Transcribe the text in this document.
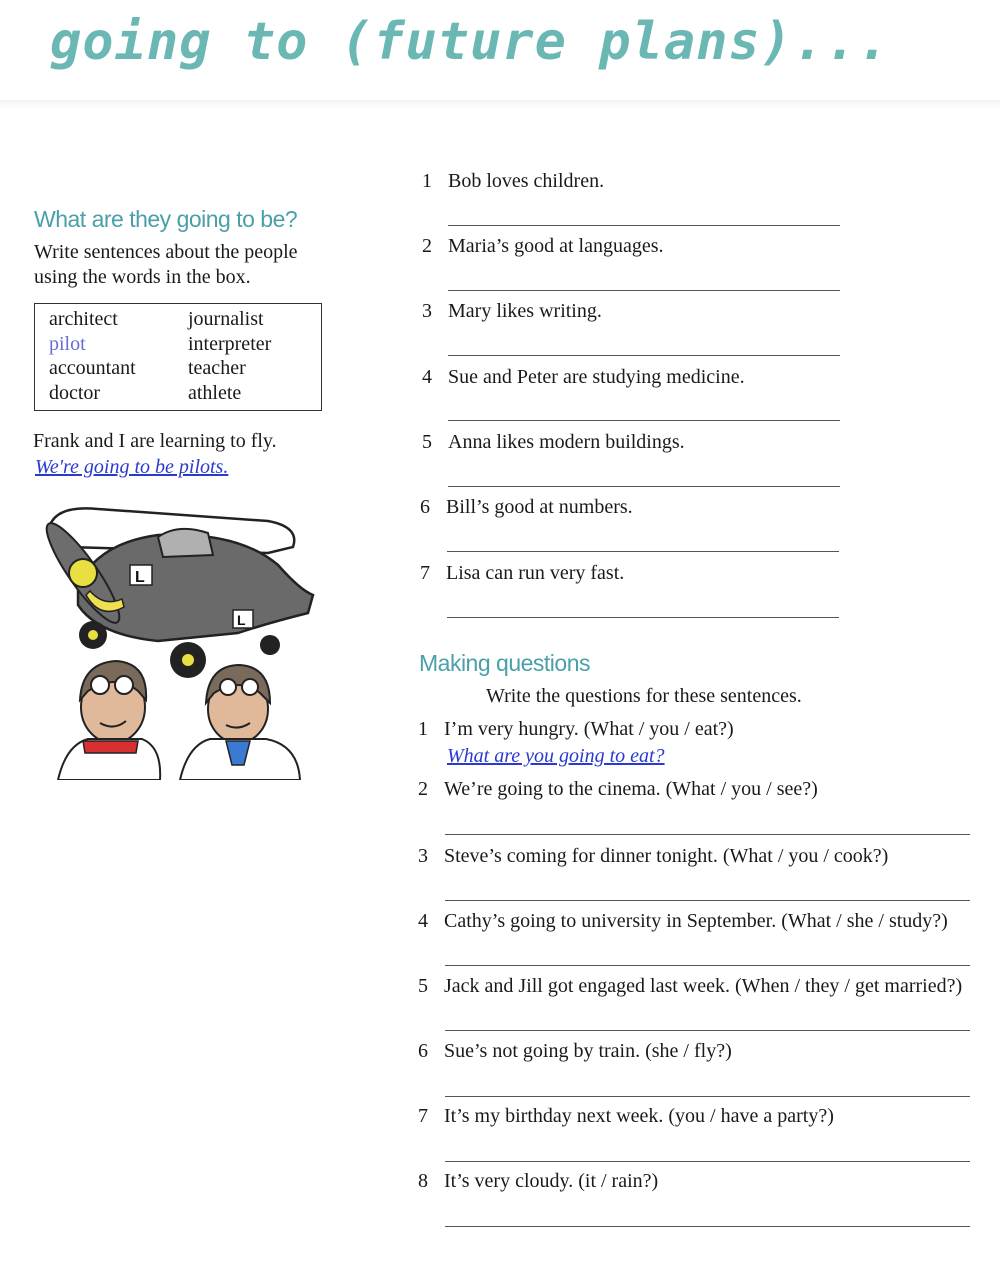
going to (future plans)...
What are they going to be?

Write sentences about the people
using the words in the box.

architect
pilot
accountant
doctor
journalist
interpreter
teacher
athlete

Frank and I are learning to fly.

We're going to be pilots.

L
L
1 Bob loves children.
2 Maria’s good at languages.
3 Mary likes writing.
4 Sue and Peter are studying medicine.
5 Anna likes modern buildings.
6 Bill’s good at numbers.
7 Lisa can run very fast.
Making questions

Write the questions for these sentences.

1 I’m very hungry. (What / you / eat?)

What are you going to eat?

2 We’re going to the cinema. (What / you / see?)
3 Steve’s coming for dinner tonight. (What / you / cook?)
4 Cathy’s going to university in September. (What / she / study?)
5 Jack and Jill got engaged last week. (When / they / get married?)
6 Sue’s not going by train. (she / fly?)
7 It’s my birthday next week. (you / have a party?)
8 It’s very cloudy. (it / rain?)
